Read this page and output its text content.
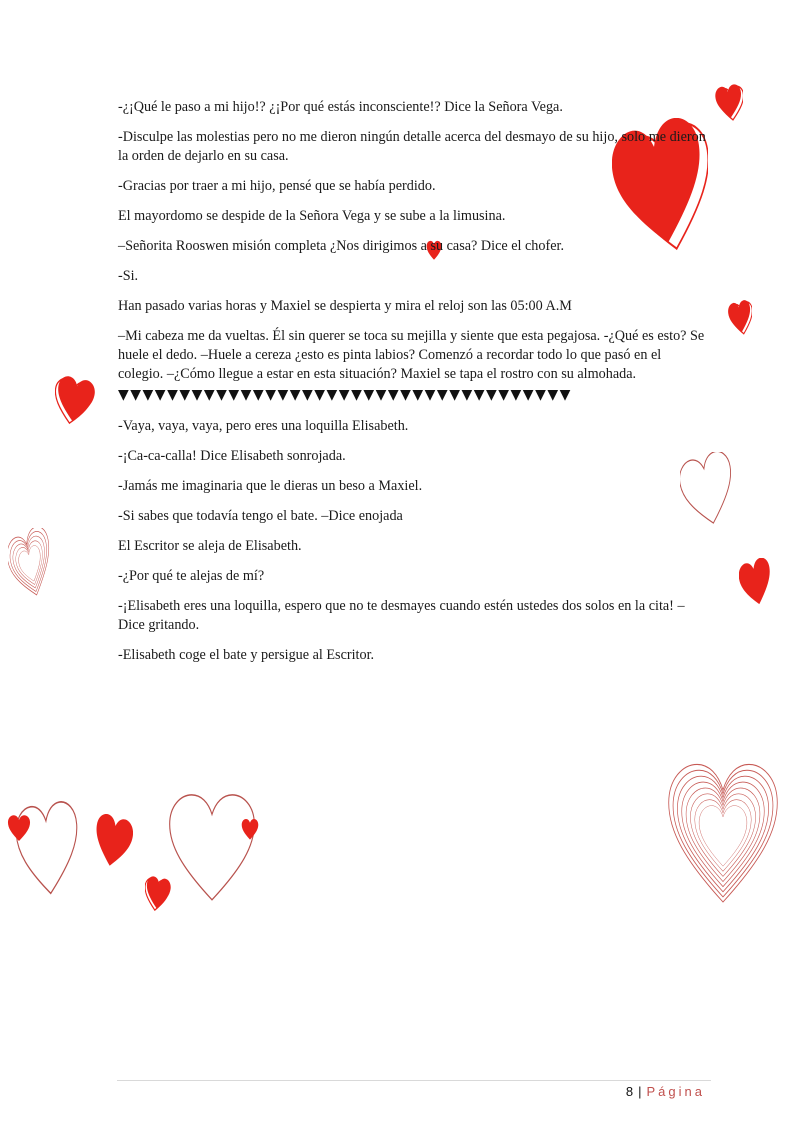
-¿¡Qué le paso a mi hijo!? ¿¡Por qué estás inconsciente!? Dice la Señora Vega.

-Disculpe las molestias pero no me dieron ningún detalle acerca del desmayo de su hijo, solo me dieron la orden de dejarlo en su casa.

-Gracias por traer a mi hijo, pensé que se había perdido.

El mayordomo se despide de la Señora Vega y se sube a la limusina.

–Señorita Rooswen misión completa ¿Nos dirigimos a su casa? Dice el chofer.

-Si.

Han pasado varias horas y Maxiel se despierta y mira el reloj son las 05:00 A.M

–Mi cabeza me da vueltas. Él sin querer se toca su mejilla y siente que esta pegajosa. -¿Qué es esto? Se huele el dedo. –Huele a cereza ¿esto es pinta labios? Comenzó a recordar todo lo que pasó en el colegio. –¿Cómo llegue a estar en esta situación? Maxiel se tapa el rostro con su almohada.

▼▼▼▼▼▼▼▼▼▼▼▼▼▼▼▼▼▼▼▼▼▼▼▼▼▼▼▼▼▼▼▼▼▼▼▼▼

-Vaya, vaya, vaya, pero eres una loquilla Elisabeth.

-¡Ca-ca-calla! Dice Elisabeth sonrojada.

-Jamás me imaginaria que le dieras un beso a Maxiel.

-Si sabes que todavía tengo el bate. –Dice enojada

El Escritor se aleja de Elisabeth.

-¿Por qué te alejas de mí?

-¡Elisabeth eres una loquilla, espero que no te desmayes cuando estén ustedes dos solos en la cita! –Dice gritando.

-Elisabeth coge el bate y persigue al Escritor.

8 | Página
